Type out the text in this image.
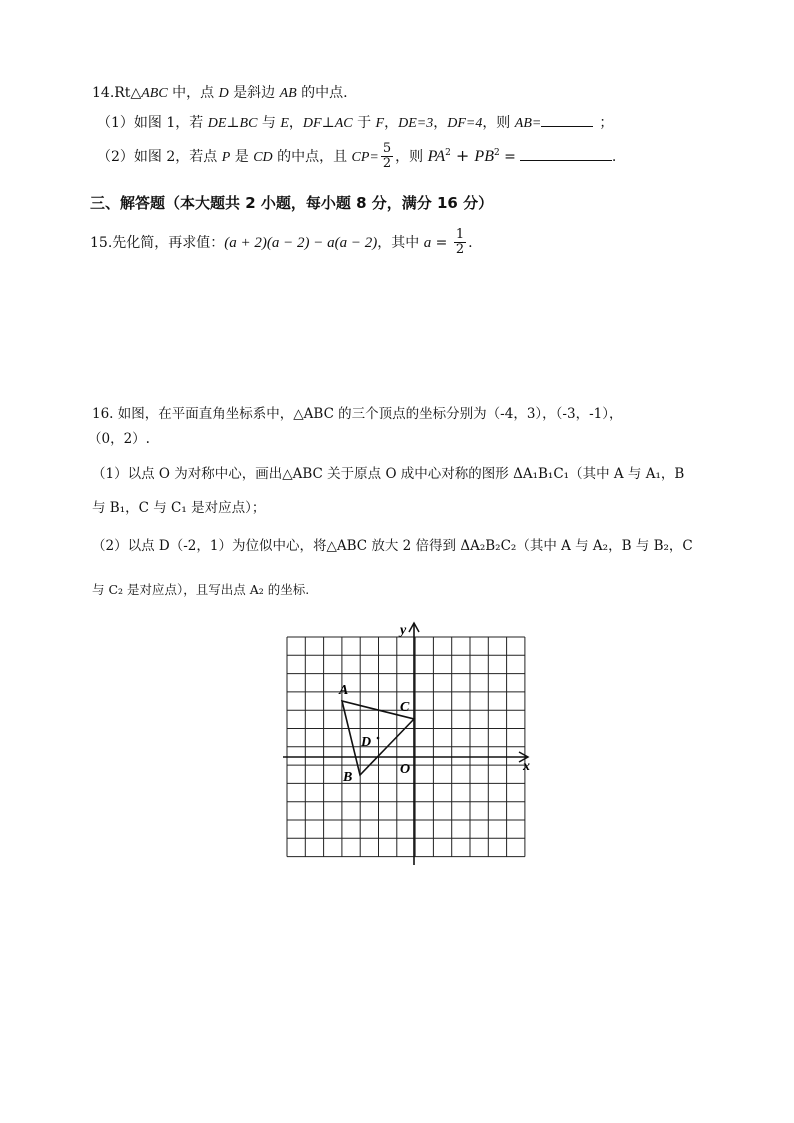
14.Rt△ABC 中，点 D 是斜边 AB 的中点.
（1）如图 1，若 DE⊥BC 与 E，DF⊥AC 于 F，DE=3，DF=4，则 AB=	；
（2）如图 2，若点 P 是 CD 的中点，且 $CP= \frac{5}{2}$ ，则 $PA^2 + PB^2$ =	.
三、解答题（本大题共 2 小题，每小题 8 分，满分 16 分）
15.先化简，再求值：(a + 2)(a − 2) − a(a − 2)，其中 $a = \frac{1}{2}$ .
16. 如图，在平面直角坐标系中，△ABC 的三个顶点的坐标分别为（-4，3），（-3，-1），
（0，2）.
（1）以点 O 为对称中心，画出△ABC 关于原点 O 成中心对称的图形 ΔA₁B₁C₁（其中 A 与 A₁，B
与 B₁，C 与 C₁ 是对应点）；
（2）以点 D（-2，1）为位似中心，将△ABC 放大 2 倍得到 ΔA₂B₂C₂（其中 A 与 A₂，B 与 B₂，C
与 C₂ 是对应点），且写出点 A₂ 的坐标.
y
x
O
A
B
C
D
